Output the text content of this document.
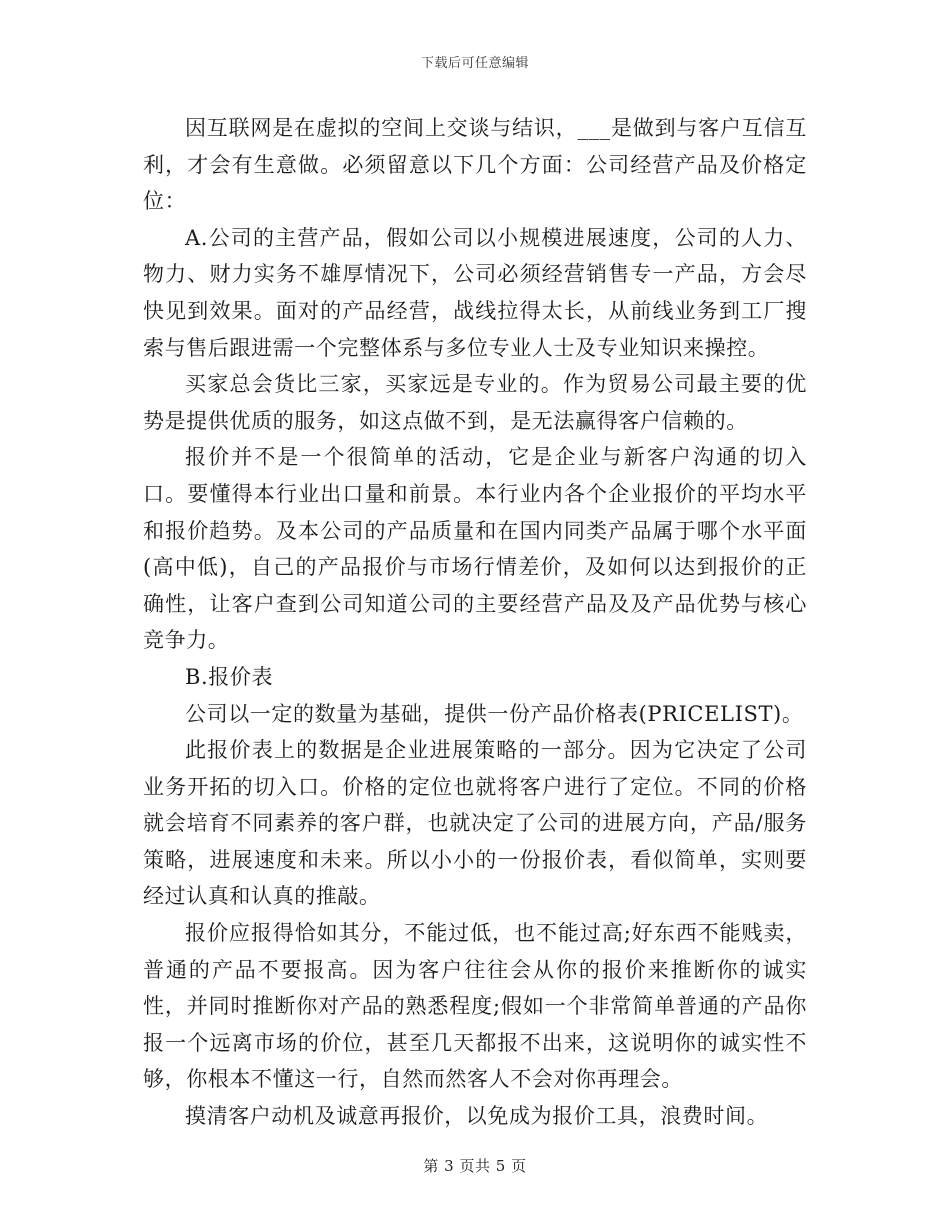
下载后可任意编辑

因互联网是在虚拟的空间上交谈与结识，___是做到与客户互信互利，才会有生意做。必须留意以下几个方面：公司经营产品及价格定位：

A.公司的主营产品，假如公司以小规模进展速度，公司的人力、物力、财力实务不雄厚情况下，公司必须经营销售专一产品，方会尽快见到效果。面对的产品经营，战线拉得太长，从前线业务到工厂搜索与售后跟进需一个完整体系与多位专业人士及专业知识来操控。

买家总会货比三家，买家远是专业的。作为贸易公司最主要的优势是提供优质的服务，如这点做不到，是无法赢得客户信赖的。

报价并不是一个很简单的活动，它是企业与新客户沟通的切入口。要懂得本行业出口量和前景。本行业内各个企业报价的平均水平和报价趋势。及本公司的产品质量和在国内同类产品属于哪个水平面(高中低)，自己的产品报价与市场行情差价，及如何以达到报价的正确性，让客户查到公司知道公司的主要经营产品及及产品优势与核心竞争力。

B.报价表

公司以一定的数量为基础，提供一份产品价格表(PRICELIST)。

此报价表上的数据是企业进展策略的一部分。因为它决定了公司业务开拓的切入口。价格的定位也就将客户进行了定位。不同的价格就会培育不同素养的客户群，也就决定了公司的进展方向，产品/服务策略，进展速度和未来。所以小小的一份报价表，看似简单，实则要经过认真和认真的推敲。

报价应报得恰如其分，不能过低，也不能过高;好东西不能贱卖，普通的产品不要报高。因为客户往往会从你的报价来推断你的诚实性，并同时推断你对产品的熟悉程度;假如一个非常简单普通的产品你报一个远离市场的价位，甚至几天都报不出来，这说明你的诚实性不够，你根本不懂这一行，自然而然客人不会对你再理会。

摸清客户动机及诚意再报价，以免成为报价工具，浪费时间。

第 3 页共 5 页
